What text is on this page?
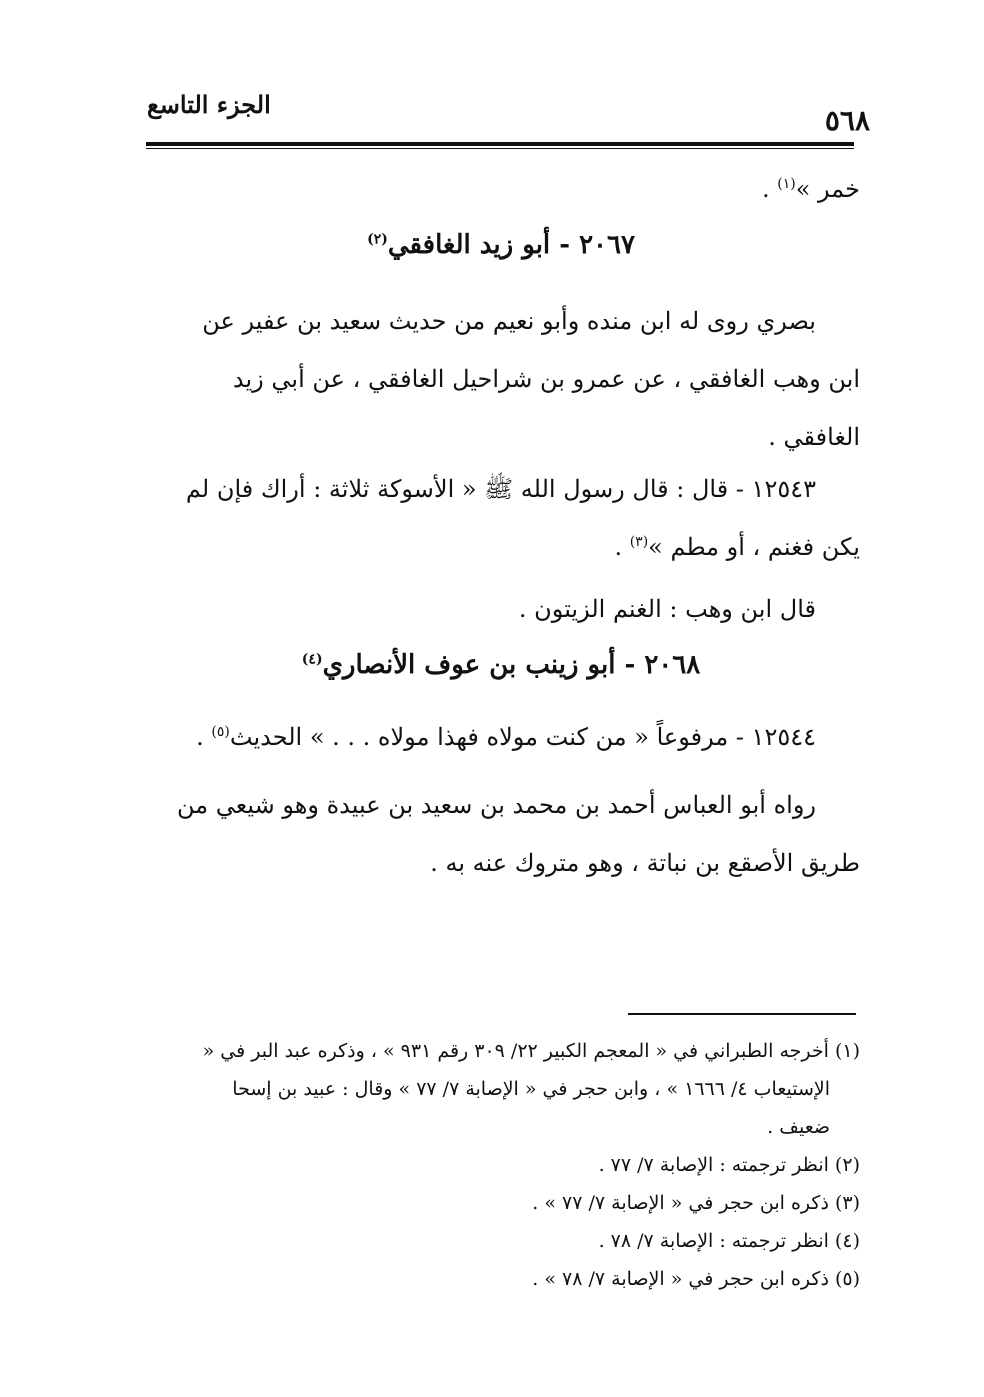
٥٦٨
الجزء التاسع
خمر »$^{(١)}$ .
٢٠٦٧ - أبو زيد الغافقي$^{(٢)}$
بصري روى له ابن منده وأبو نعيم من حديث سعيد بن عفير عن
ابن وهب الغافقي ، عن عمرو بن شراحيل الغافقي ، عن أبي زيد
الغافقي .
١٢٥٤٣ - قال : قال رسول الله ﷺ « الأسوكة ثلاثة : أراك فإن لم
يكن فغنم ، أو مطم »$^{(٣)}$ .
قال ابن وهب : الغنم الزيتون .
٢٠٦٨ - أبو زينب بن عوف الأنصاري$^{(٤)}$
١٢٥٤٤ - مرفوعاً « من كنت مولاه فهذا مولاه . . . » الحديث$^{(٥)}$ .
رواه أبو العباس أحمد بن محمد بن سعيد بن عبيدة وهو شيعي من
طريق الأصقع بن نباتة ، وهو متروك عنه به .
(١) أخرجه الطبراني في « المعجم الكبير ٢٢/ ٣٠٩ رقم ٩٣١ » ، وذكره عبد البر في «
الإستيعاب ٤/ ١٦٦٦ » ، وابن حجر في « الإصابة ٧/ ٧٧ » وقال : عبيد بن إسحا
ضعيف .
(٢) انظر ترجمته : الإصابة ٧/ ٧٧ .
(٣) ذكره ابن حجر في « الإصابة ٧/ ٧٧ » .
(٤) انظر ترجمته : الإصابة ٧/ ٧٨ .
(٥) ذكره ابن حجر في « الإصابة ٧/ ٧٨ » .
